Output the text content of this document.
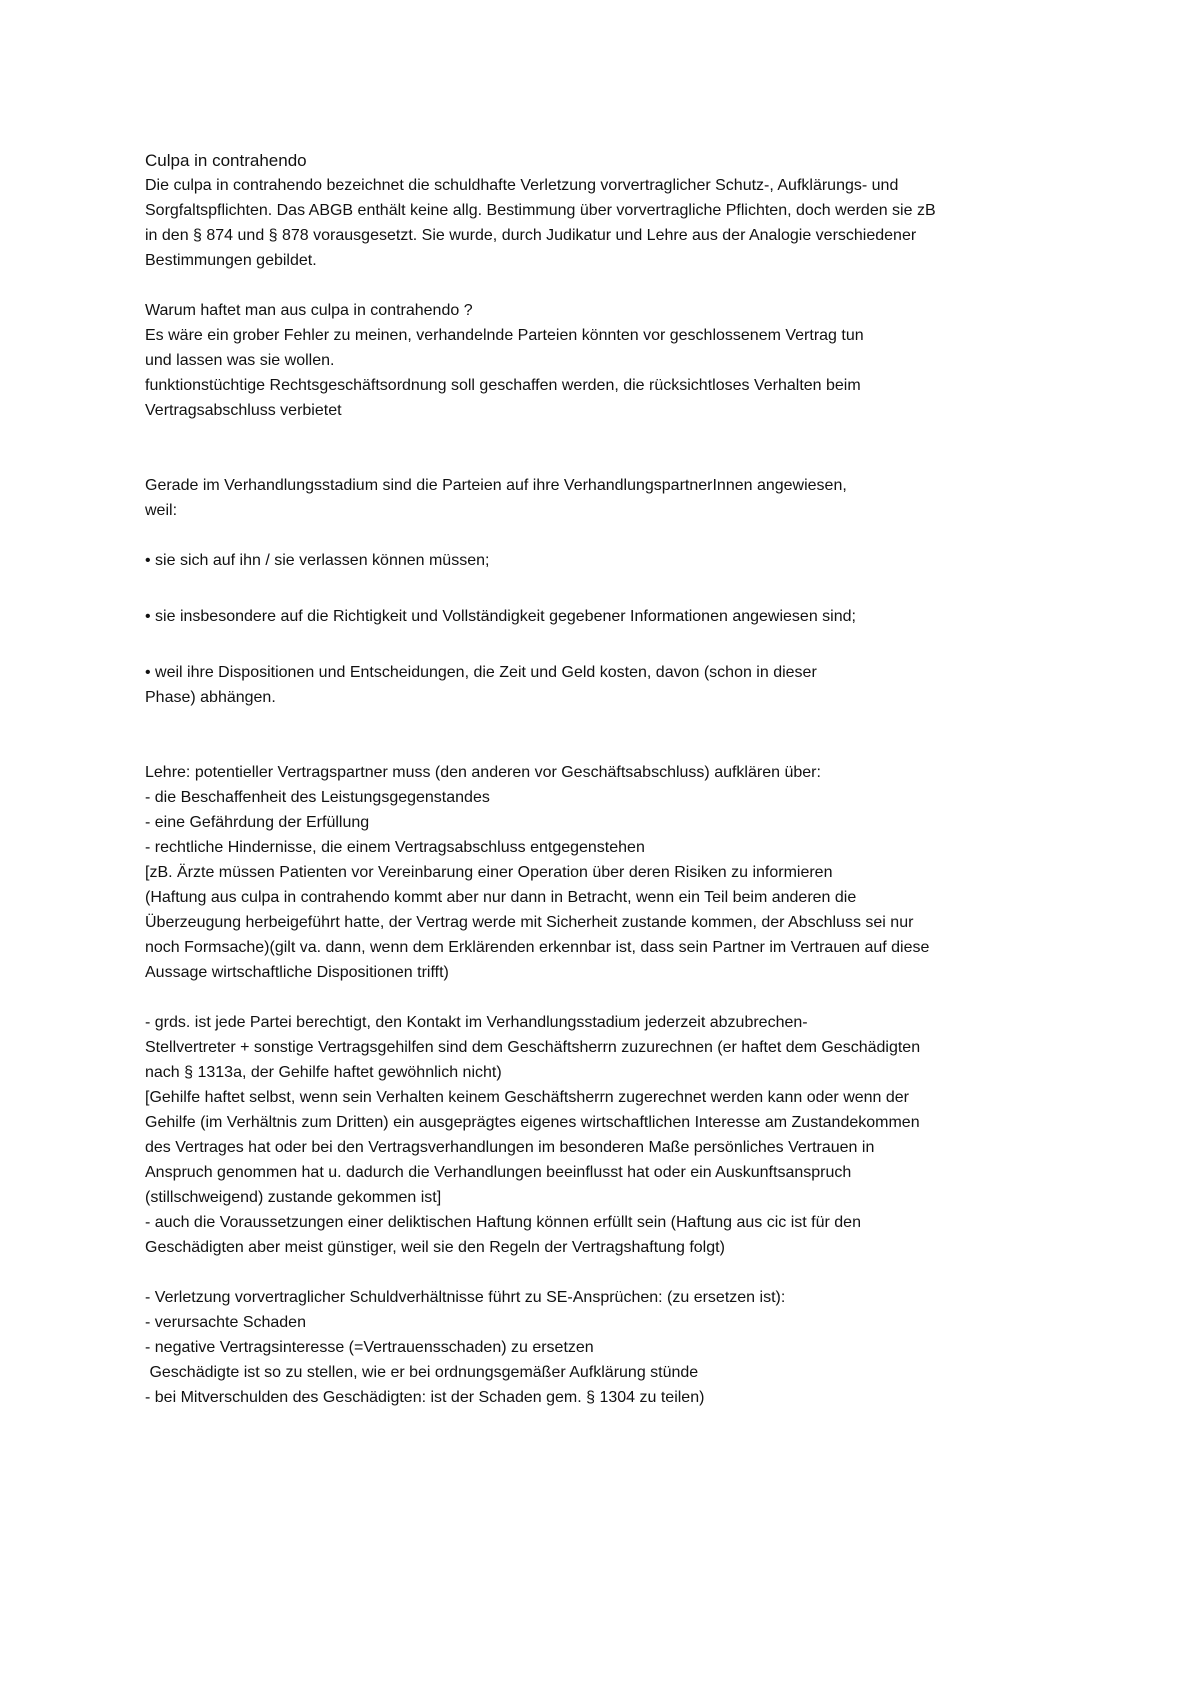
Culpa in contrahendo
Die culpa in contrahendo bezeichnet die schuldhafte Verletzung vorvertraglicher Schutz-, Aufklärungs- und
Sorgfaltspflichten. Das ABGB enthält keine allg. Bestimmung über vorvertragliche Pflichten, doch werden sie zB
in den § 874 und § 878 vorausgesetzt. Sie wurde, durch Judikatur und Lehre aus der Analogie verschiedener
Bestimmungen gebildet.
Warum haftet man aus culpa in contrahendo ?
Es wäre ein grober Fehler zu meinen, verhandelnde Parteien könnten vor geschlossenem Vertrag tun
und lassen was sie wollen.
funktionstüchtige Rechtsgeschäftsordnung soll geschaffen werden, die rücksichtloses Verhalten beim
Vertragsabschluss verbietet
Gerade im Verhandlungsstadium sind die Parteien auf ihre VerhandlungspartnerInnen angewiesen,
weil:
• sie sich auf ihn / sie verlassen können müssen;
• sie insbesondere auf die Richtigkeit und Vollständigkeit gegebener Informationen angewiesen sind;
• weil ihre Dispositionen und Entscheidungen, die Zeit und Geld kosten, davon (schon in dieser
Phase) abhängen.
Lehre: potentieller Vertragspartner muss (den anderen vor Geschäftsabschluss) aufklären über:
- die Beschaffenheit des Leistungsgegenstandes
- eine Gefährdung der Erfüllung
- rechtliche Hindernisse, die einem Vertragsabschluss entgegenstehen
[zB. Ärzte müssen Patienten vor Vereinbarung einer Operation über deren Risiken zu informieren
(Haftung aus culpa in contrahendo kommt aber nur dann in Betracht, wenn ein Teil beim anderen die
Überzeugung herbeigeführt hatte, der Vertrag werde mit Sicherheit zustande kommen, der Abschluss sei nur
noch Formsache)(gilt va. dann, wenn dem Erklärenden erkennbar ist, dass sein Partner im Vertrauen auf diese
Aussage wirtschaftliche Dispositionen trifft)
- grds. ist jede Partei berechtigt, den Kontakt im Verhandlungsstadium jederzeit abzubrechen-
Stellvertreter + sonstige Vertragsgehilfen sind dem Geschäftsherrn zuzurechnen (er haftet dem Geschädigten
nach § 1313a, der Gehilfe haftet gewöhnlich nicht)
[Gehilfe haftet selbst, wenn sein Verhalten keinem Geschäftsherrn zugerechnet werden kann oder wenn der
Gehilfe (im Verhältnis zum Dritten) ein ausgeprägtes eigenes wirtschaftlichen Interesse am Zustandekommen
des Vertrages hat oder bei den Vertragsverhandlungen im besonderen Maße persönliches Vertrauen in
Anspruch genommen hat u. dadurch die Verhandlungen beeinflusst hat oder ein Auskunftsanspruch
(stillschweigend) zustande gekommen ist]
- auch die Voraussetzungen einer deliktischen Haftung können erfüllt sein (Haftung aus cic ist für den
Geschädigten aber meist günstiger, weil sie den Regeln der Vertragshaftung folgt)
- Verletzung vorvertraglicher Schuldverhältnisse führt zu SE-Ansprüchen: (zu ersetzen ist):
- verursachte Schaden
- negative Vertragsinteresse (=Vertrauensschaden) zu ersetzen
Geschädigte ist so zu stellen, wie er bei ordnungsgemäßer Aufklärung stünde
- bei Mitverschulden des Geschädigten: ist der Schaden gem. § 1304 zu teilen)
